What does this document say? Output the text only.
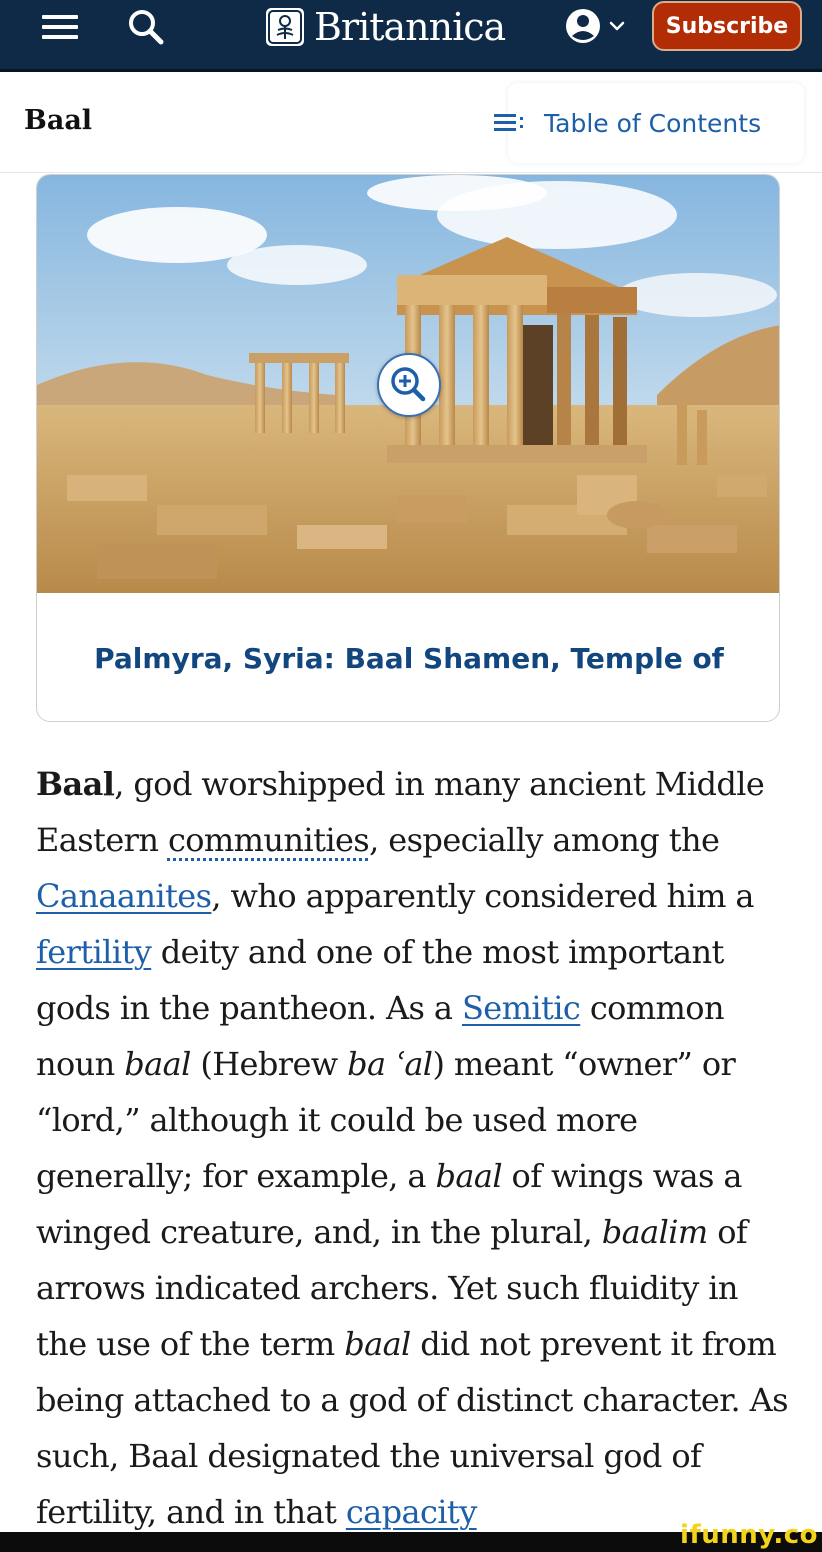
Britannica	Subscribe
Baal	Table of Contents
Palmyra, Syria: Baal Shamen, Temple of

Baal, god worshipped in many ancient Middle Eastern communities, especially among the Canaanites, who apparently considered him a fertility deity and one of the most important gods in the pantheon. As a Semitic common noun baal (Hebrew ba ʿal) meant “owner” or “lord,” although it could be used more generally; for example, a baal of wings was a winged creature, and, in the plural, baalim of arrows indicated archers. Yet such fluidity in the use of the term baal did not prevent it from being attached to a god of distinct character. As such, Baal designated the universal god of fertility, and in that capacity

ifunny.co
